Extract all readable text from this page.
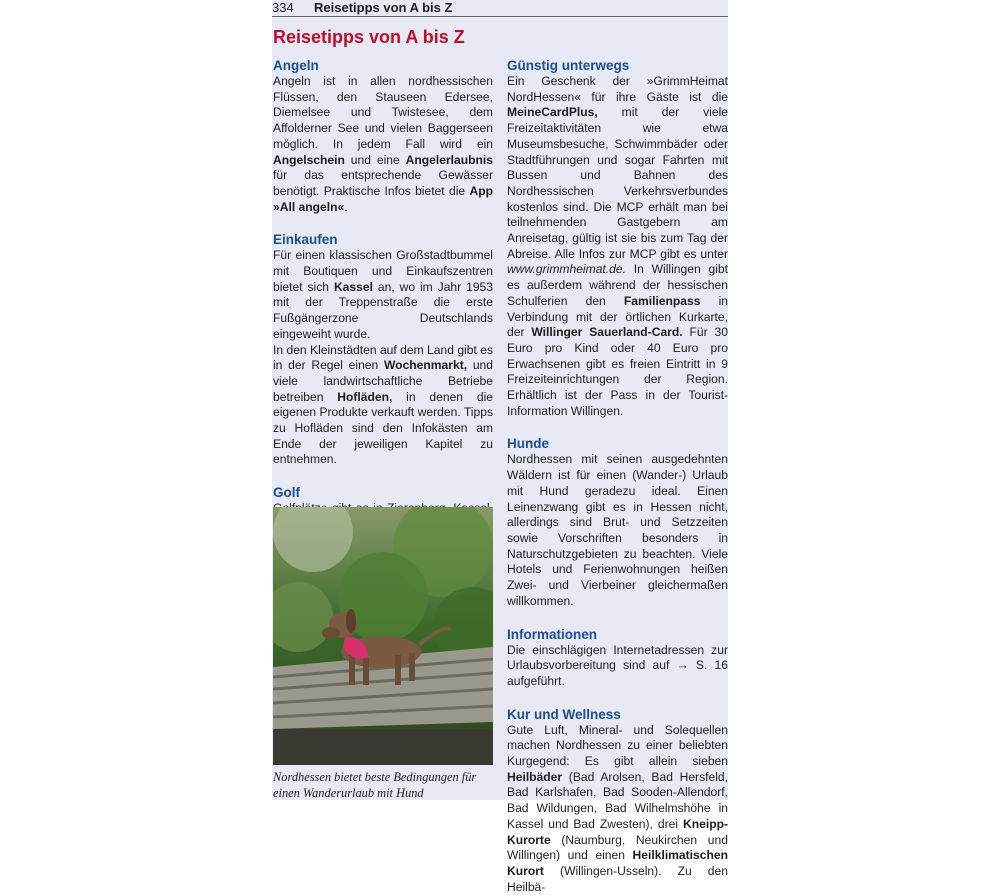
334 Reisetipps von A bis Z
Reisetipps von A bis Z
Angeln

Angeln ist in allen nordhessischen Flüssen, den Stauseen Edersee, Diemelsee und Twistesee, dem Affolderner See und vielen Baggerseen möglich. In jedem Fall wird ein Angelschein und eine Angelerlaubnis für das entsprechende Gewässer benötigt. Praktische Infos bietet die App »All angeln«.

Einkaufen

Für einen klassischen Großstadtbummel mit Boutiquen und Einkaufszentren bietet sich Kassel an, wo im Jahr 1953 mit der Treppenstraße die erste Fußgängerzone Deutschlands eingeweiht wurde.

In den Kleinstädten auf dem Land gibt es in der Regel einen Wochenmarkt, und viele landwirtschaftliche Betriebe betreiben Hofläden, in denen die eigenen Produkte verkauft werden. Tipps zu Hofläden sind den Infokästen am Ende der jeweiligen Kapitel zu entnehmen.

Golf

Günstig unterwegs

Ein Geschenk der »GrimmHeimat NordHessen« für ihre Gäste ist die MeineCardPlus, mit der viele Freizeitaktivitäten wie etwa Museumsbesuche, Schwimmbäder oder Stadtführungen und sogar Fahrten mit Bussen und Bahnen des Nordhessischen Verkehrsverbundes kostenlos sind. Die MCP erhält man bei teilnehmenden Gastgebern am Anreisetag, gültig ist sie bis zum Tag der Abreise. Alle Infos zur MCP gibt es unter www.grimmheimat.de. In Willingen gibt es außerdem während der hessischen Schulferien den Familienpass in Verbindung mit der örtlichen Kurkarte, der Willinger Sauerland-Card. Für 30 Euro pro Kind oder 40 Euro pro Erwachsenen gibt es freien Eintritt in 9 Freizeiteinrichtungen der Region. Erhältlich ist der Pass in der Tourist-Information Willingen.

Hunde

Nordhessen mit seinen ausgedehnten Wäldern ist für einen (Wander-) Urlaub mit Hund geradezu ideal. Einen Leinenzwang gibt es in Hessen nicht, allerdings sind Brut- und Setzzeiten sowie Vorschriften besonders in Naturschutzgebieten zu beachten. Viele Hotels und Ferienwohnungen heißen Zwei- und Vierbeiner gleichermaßen willkommen.

Informationen

Die einschlägigen Internetadressen zur Urlaubsvorbereitung sind auf → S. 16 aufgeführt.

Kur und Wellness

Gute Luft, Mineral- und Solequellen machen Nordhessen zu einer beliebten Kurgegend: Es gibt allein sieben Heilbäder (Bad Arolsen, Bad Hersfeld, Bad Karlshafen, Bad Sooden-Allendorf, Bad Wildungen, Bad Wilhelmshöhe in Kassel und Bad Zwesten), drei Kneipp-Kurorte (Naumburg, Neukirchen und Willingen) und einen Heilklimatischen Kurort (Willingen-Usseln). Zu den Heilbä-

Nordhessen bietet beste Bedingungen für einen Wanderurlaub mit Hund
